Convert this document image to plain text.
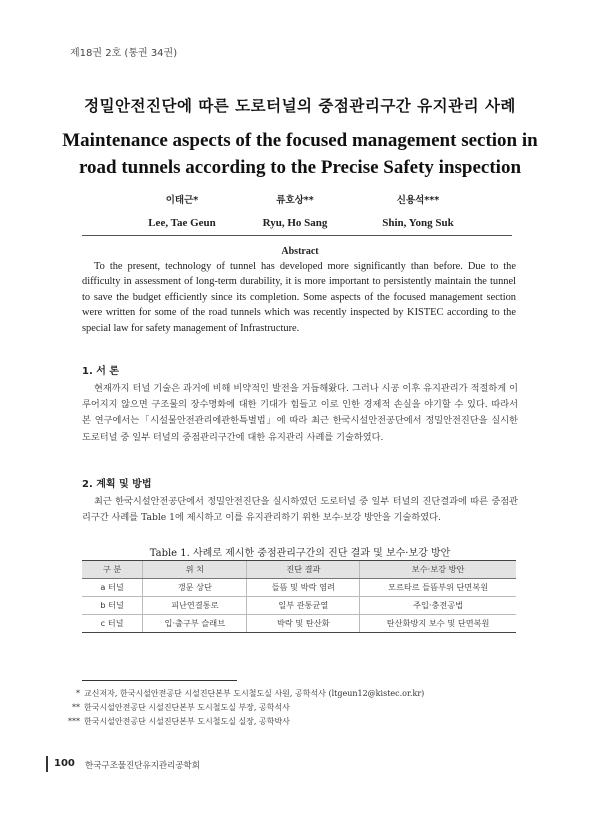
제18권 2호 (통권 34권)
정밀안전진단에 따른 도로터널의 중점관리구간 유지관리 사례
Maintenance aspects of the focused management section in road tunnels according to the Precise Safety inspection
이태근*
Lee, Tae Geun
류호상**
Ryu, Ho Sang
신용석***
Shin, Yong Suk
Abstract

To the present, technology of tunnel has developed more significantly than before. Due to the difficulty in assessment of long-term durability, it is more important to persistently maintain the tunnel to save the budget efficiently since its completion. Some aspects of the focused management section were written for some of the road tunnels which was recently inspected by KISTEC according to the special law for safety management of Infrastructure.

1. 서 론

현재까지 터널 기술은 과거에 비해 비약적인 발전을 거듭해왔다. 그러나 시공 이후 유지관리가 적절하게 이루어지지 않으면 구조물의 장수명화에 대한 기대가 힘들고 이로 인한 경제적 손실을 야기할 수 있다. 따라서 본 연구에서는「시설물안전관리에관한특별법」에 따라 최근 한국시설안전공단에서 정밀안전진단을 실시한 도로터널 중 일부 터널의 중점관리구간에 대한 유지관리 사례를 기술하였다.

2. 계획 및 방법

최근 한국시설안전공단에서 정밀안전진단을 실시하였던 도로터널 중 일부 터널의 진단결과에 따른 중점관리구간 사례를 Table 1에 제시하고 이를 유지관리하기 위한 보수·보강 방안을 기술하였다.

Table 1. 사례로 제시한 중점관리구간의 진단 결과 및 보수·보강 방안
구 분	위 치	진단 결과	보수·보강 방안
a 터널	갱문 상단	들뜸 및 박락 염려	모르타르 들뜸부위 단면복원
b 터널	피난연결통로	일부 관통균열	주입·충전공법
c 터널	입·출구부 슬래브	박락 및 탄산화	탄산화방지 보수 및 단면복원
* 교신저자, 한국시설안전공단 시설진단본부 도시철도실 사원, 공학석사 (ltgeun12@kistec.or.kr)
** 한국시설안전공단 시설진단본부 도시철도실 부장, 공학석사
*** 한국시설안전공단 시설진단본부 도시철도실 실장, 공학박사
100 한국구조물진단유지관리공학회
